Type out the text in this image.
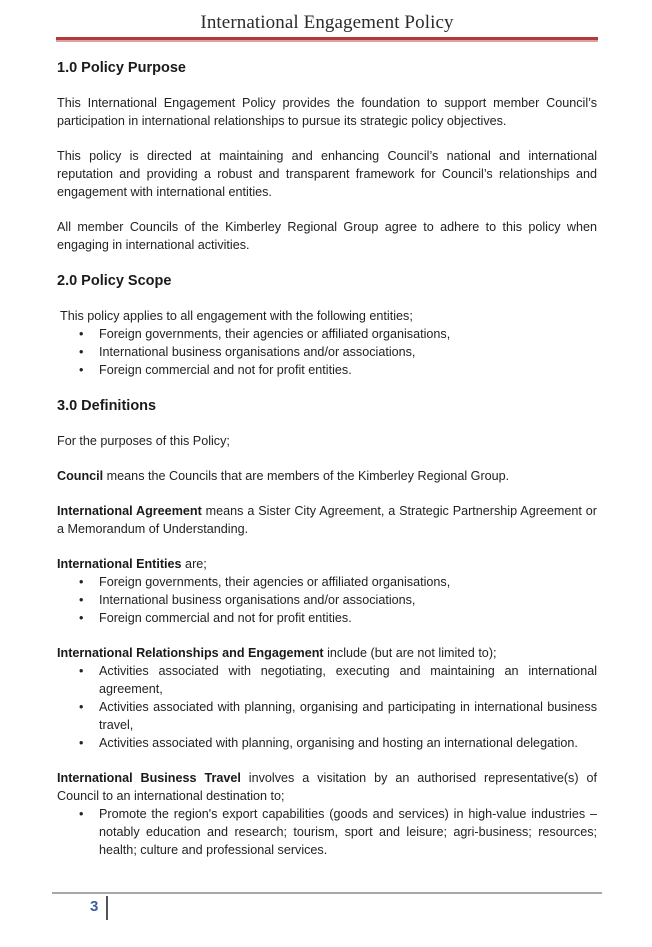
International Engagement Policy
1.0 Policy Purpose

This International Engagement Policy provides the foundation to support member Council’s participation in international relationships to pursue its strategic policy objectives.

This policy is directed at maintaining and enhancing Council’s national and international reputation and providing a robust and transparent framework for Council’s relationships and engagement with international entities.

All member Councils of the Kimberley Regional Group agree to adhere to this policy when engaging in international activities.

2.0 Policy Scope

This policy applies to all engagement with the following entities;

• Foreign governments, their agencies or affiliated organisations,
• International business organisations and/or associations,
• Foreign commercial and not for profit entities.
3.0 Definitions

For the purposes of this Policy;

Council means the Councils that are members of the Kimberley Regional Group.

International Agreement means a Sister City Agreement, a Strategic Partnership Agreement or a Memorandum of Understanding.

International Entities are;

• Foreign governments, their agencies or affiliated organisations,
• International business organisations and/or associations,
• Foreign commercial and not for profit entities.

International Relationships and Engagement include (but are not limited to);

• Activities associated with negotiating, executing and maintaining an international agreement,
• Activities associated with planning, organising and participating in international business travel,
• Activities associated with planning, organising and hosting an international delegation.

International Business Travel involves a visitation by an authorised representative(s) of Council to an international destination to;

• Promote the region's export capabilities (goods and services) in high-value industries – notably education and research; tourism, sport and leisure; agri-business; resources; health; culture and professional services.
3
